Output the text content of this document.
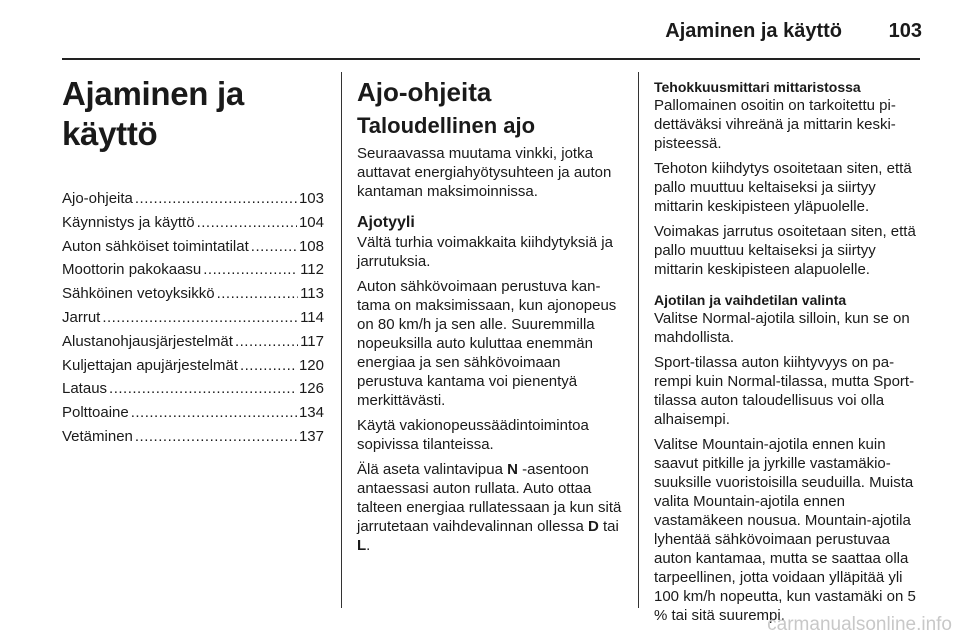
Ajaminen ja käyttö 103
Ajaminen ja käyttö
Ajo-ohjeita .....	103
Käynnistys ja käyttö .....	104
Auton sähköiset toimintatilat .....	108
Moottorin pakokaasu .....	112
Sähköinen vetoyksikkö .....	113
Jarrut .....	114
Alustanohjausjärjestelmät .....	117
Kuljettajan apujärjestelmät .....	120
Lataus .....	126
Polttoaine .....	134
Vetäminen .....	137
Ajo-ohjeita
Taloudellinen ajo

Seuraavassa muutama vinkki, jotka auttavat energiahyötysuhteen ja auton kantaman maksimoinnissa.

Ajotyyli

Vältä turhia voimakkaita kiihdytyksiä ja jarrutuksia.

Auton sähkövoimaan perustuva kantama on maksimissaan, kun ajonopeus on 80 km/h ja sen alle. Suuremmilla nopeuksilla auto kuluttaa enemmän energiaa ja sen sähkövoimaan perustuva kantama voi pienentyä merkittävästi.

Käytä vakionopeussäädintoimintoa sopivissa tilanteissa.

Älä aseta valintavipua N -asentoon antaessasi auton rullata. Auto ottaa talteen energiaa rullatessaan ja kun sitä jarrutetaan vaihdevalinnan ollessa D tai L.

Tehokkuusmittari mittaristossa

Pallomainen osoitin on tarkoitettu pidettäväksi vihreänä ja mittarin keskipisteessä.

Tehoton kiihdytys osoitetaan siten, että pallo muuttuu keltaiseksi ja siirtyy mittarin keskipisteen yläpuolelle.

Voimakas jarrutus osoitetaan siten, että pallo muuttuu keltaiseksi ja siirtyy mittarin keskipisteen alapuolelle.

Ajotilan ja vaihdetilan valinta

Valitse Normal-ajotila silloin, kun se on mahdollista.

Sport-tilassa auton kiihtyvyys on parempi kuin Normal-tilassa, mutta Sport-tilassa auton taloudellisuus voi olla alhaisempi.

Valitse Mountain-ajotila ennen kuin saavut pitkille ja jyrkille vastamäkiosuuksille vuoristoisilla seuduilla. Muista valita Mountain-ajotila ennen vastamäkeen nousua. Mountain-ajotila lyhentää sähkövoimaan perustuvaa auton kantamaa, mutta se saattaa olla tarpeellinen, jotta voidaan ylläpitää yli 100 km/h nopeutta, kun vastamäki on 5 % tai sitä suurempi.

carmanualsonline.info
